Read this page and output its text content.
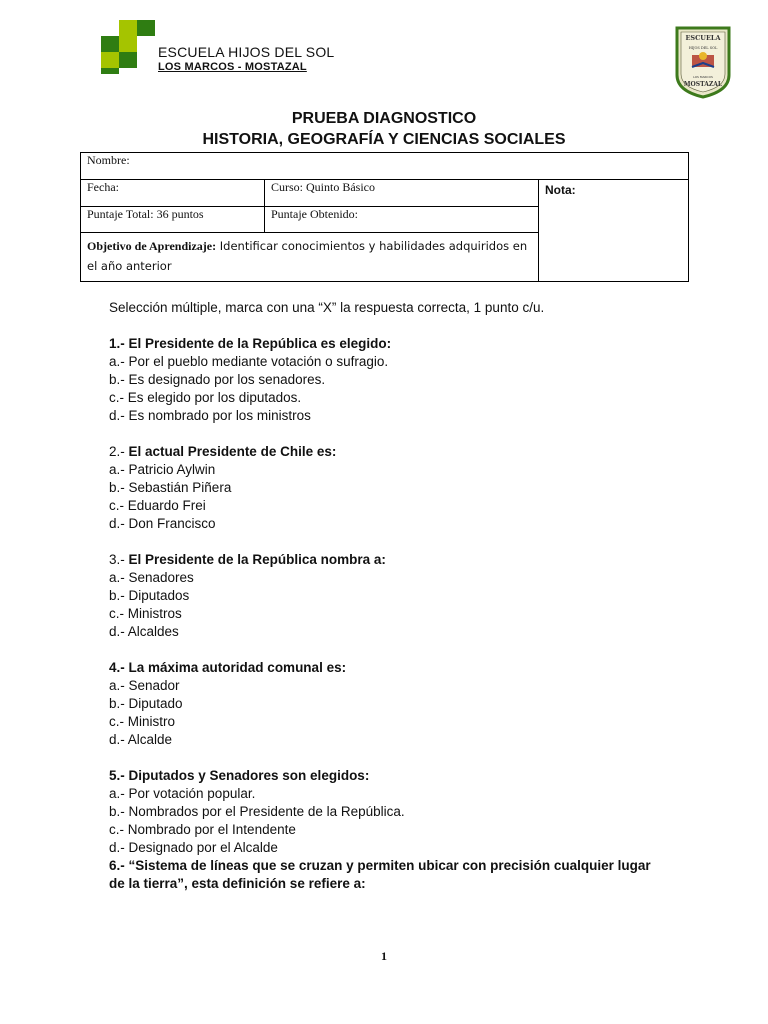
ESCUELA HIJOS DEL SOL
LOS MARCOS - MOSTAZAL
ESCUELA
HIJOS DEL SOL
LOS MARCOS
MOSTAZAL
PRUEBA DIAGNOSTICO
HISTORIA, GEOGRAFÍA Y CIENCIAS SOCIALES
Nombre:		
Fecha:	Curso: Quinto Básico	Nota:
Puntaje Total: 36 puntos	Puntaje Obtenido:	
Objetivo de Aprendizaje: Identificar conocimientos y habilidades adquiridos en el año anterior		

Selección múltiple, marca con una “X” la respuesta correcta, 1 punto c/u.

1.- El Presidente de la República es elegido:

a.- Por el pueblo mediante votación o sufragio.

b.- Es designado por los senadores.

c.- Es elegido por los diputados.

d.- Es nombrado por los ministros

2.- El actual Presidente de Chile es:

a.- Patricio Aylwin

b.- Sebastián Piñera

c.- Eduardo Frei

d.- Don Francisco

3.- El Presidente de la República nombra a:

a.- Senadores

b.- Diputados

c.- Ministros

d.- Alcaldes

4.- La máxima autoridad comunal es:

a.- Senador

b.- Diputado

c.- Ministro

d.- Alcalde

5.- Diputados y Senadores son elegidos:

a.- Por votación popular.

b.- Nombrados por el Presidente de la República.

c.- Nombrado por el Intendente

d.- Designado por el Alcalde

6.- “Sistema de líneas que se cruzan y permiten ubicar con precisión cualquier lugar de la tierra”, esta definición se refiere a:

1
